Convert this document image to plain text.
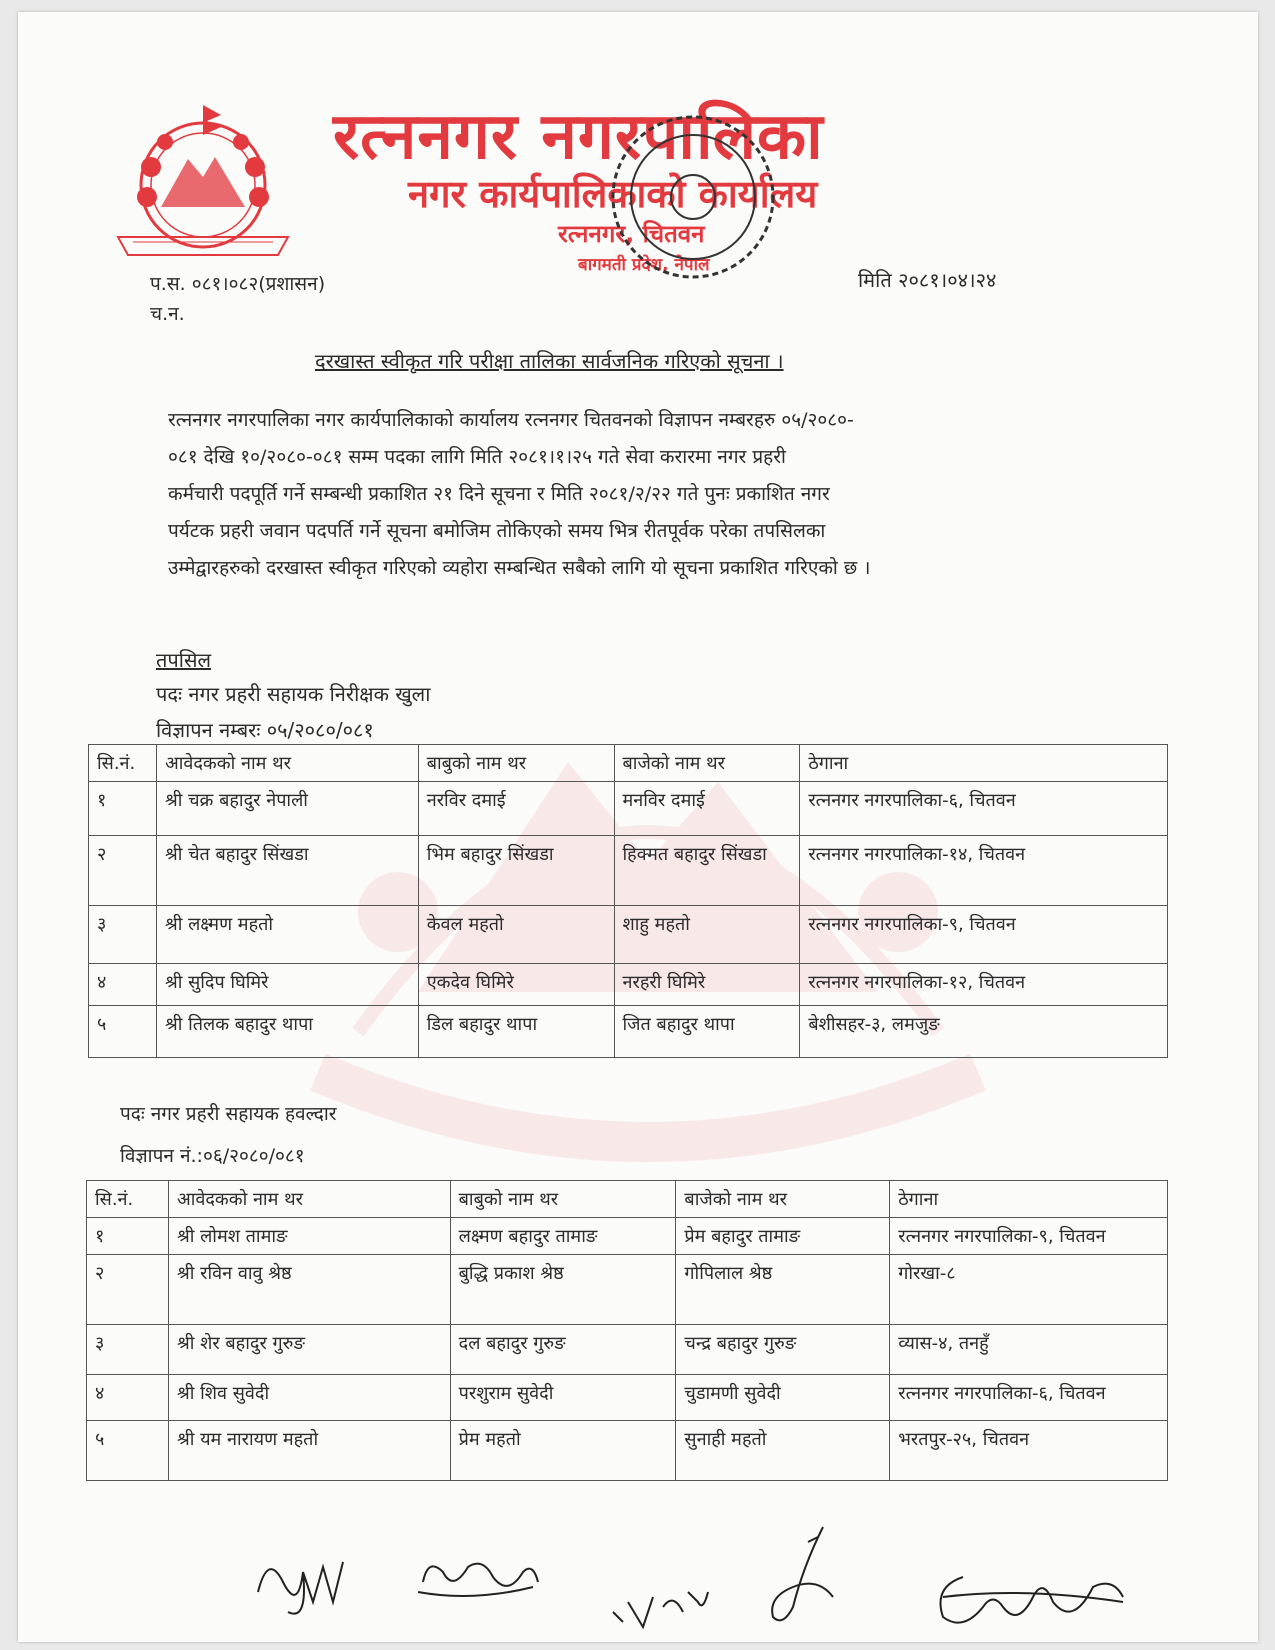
रत्ननगर नगरपालिका
नगर कार्यपालिकाको कार्यालय
रत्ननगर, चितवन
बागमती प्रदेश, नेपाल
प.स. ०८१।०८२(प्रशासन)
च.न.
मिति २०८१।०४।२४
दरखास्त स्वीकृत गरि परीक्षा तालिका सार्वजनिक गरिएको सूचना ।

रत्ननगर नगरपालिका नगर कार्यपालिकाको कार्यालय रत्ननगर चितवनको विज्ञापन नम्बरहरु ०५/२०८०-

०८१ देखि १०/२०८०-०८१ सम्म पदका लागि मिति २०८१।१।२५ गते सेवा करारमा नगर प्रहरी

कर्मचारी पदपूर्ति गर्ने सम्बन्धी प्रकाशित २१ दिने सूचना र मिति २०८१/२/२२ गते पुनः प्रकाशित नगर

पर्यटक प्रहरी जवान पदपर्ति गर्ने सूचना बमोजिम तोकिएको समय भित्र रीतपूर्वक परेका तपसिलका

उम्मेद्वारहरुको दरखास्त स्वीकृत गरिएको व्यहोरा सम्बन्धित सबैको लागि यो सूचना प्रकाशित गरिएको छ ।

तपसिल
पदः नगर प्रहरी सहायक निरीक्षक खुला
विज्ञापन नम्बरः ०५/२०८०/०८१
सि.नं.	आवेदकको नाम थर	बाबुको नाम थर	बाजेको नाम थर	ठेगाना
१	श्री चक्र बहादुर नेपाली	नरविर दमाई	मनविर दमाई	रत्ननगर नगरपालिका-६, चितवन
२	श्री चेत बहादुर सिंखडा	भिम बहादुर सिंखडा	हिक्मत बहादुर सिंखडा	रत्ननगर नगरपालिका-१४, चितवन
३	श्री लक्ष्मण महतो	केवल महतो	शाहु महतो	रत्ननगर नगरपालिका-९, चितवन
४	श्री सुदिप घिमिरे	एकदेव घिमिरे	नरहरी घिमिरे	रत्ननगर नगरपालिका-१२, चितवन
५	श्री तिलक बहादुर थापा	डिल बहादुर थापा	जित बहादुर थापा	बेशीसहर-३, लमजुङ
पदः नगर प्रहरी सहायक हवल्दार
विज्ञापन नं.:०६/२०८०/०८१
सि.नं.	आवेदकको नाम थर	बाबुको नाम थर	बाजेको नाम थर	ठेगाना
१	श्री लोमश तामाङ	लक्ष्मण बहादुर तामाङ	प्रेम बहादुर तामाङ	रत्ननगर नगरपालिका-९, चितवन
२	श्री रविन वावु श्रेष्ठ	बुद्धि प्रकाश श्रेष्ठ	गोपिलाल श्रेष्ठ	गोरखा-८
३	श्री शेर बहादुर गुरुङ	दल बहादुर गुरुङ	चन्द्र बहादुर गुरुङ	व्यास-४, तनहुँ
४	श्री शिव सुवेदी	परशुराम सुवेदी	चुडामणी सुवेदी	रत्ननगर नगरपालिका-६, चितवन
५	श्री यम नारायण महतो	प्रेम महतो	सुनाही महतो	भरतपुर-२५, चितवन
